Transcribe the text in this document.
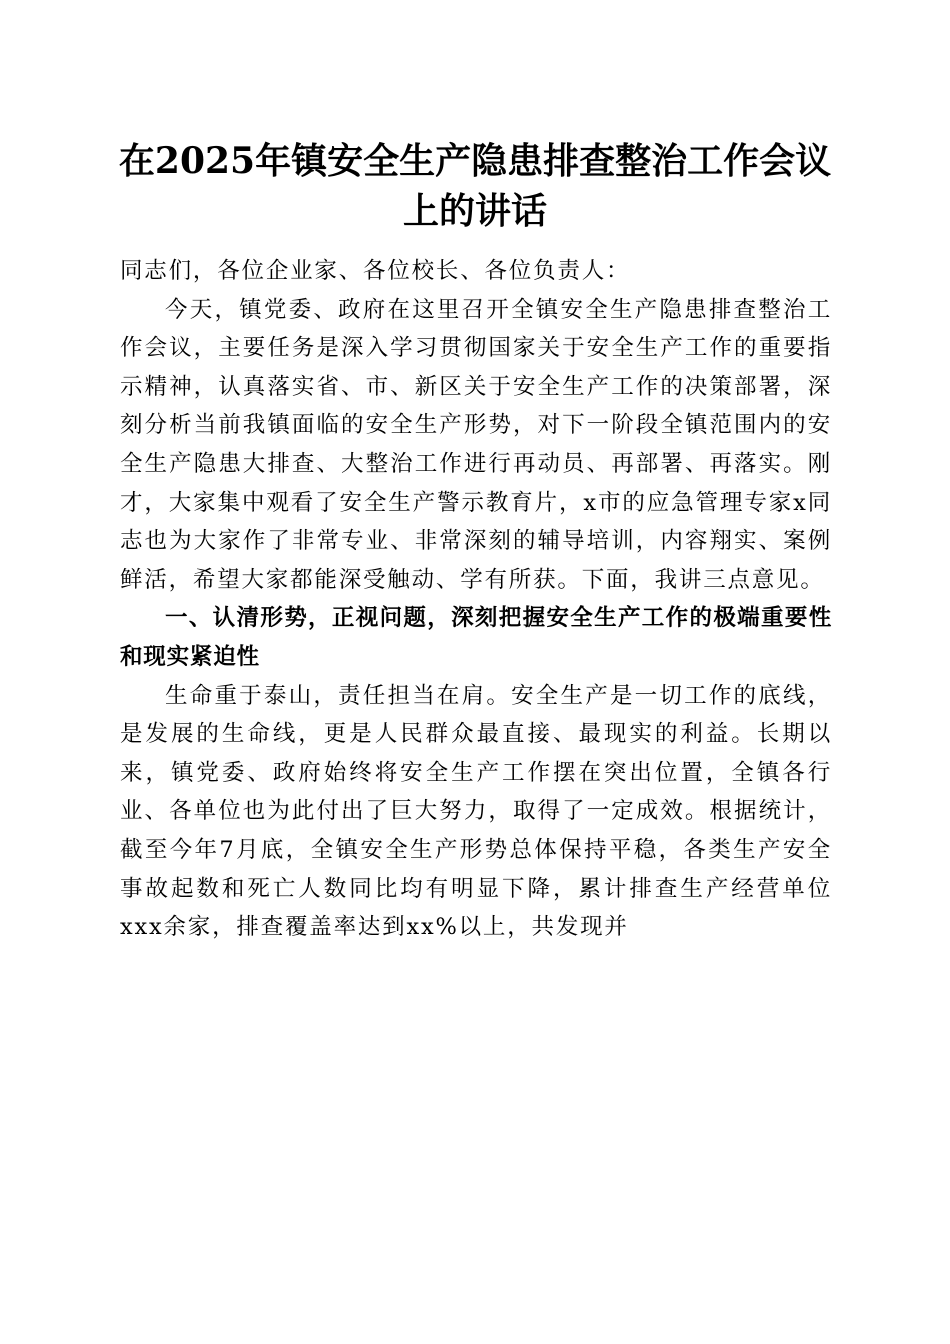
在2025年镇安全生产隐患排查整治工作会议
上的讲话

同志们，各位企业家、各位校长、各位负责人：

今天，镇党委、政府在这里召开全镇安全生产隐患排查整治工作会议，主要任务是深入学习贯彻国家关于安全生产工作的重要指示精神，认真落实省、市、新区关于安全生产工作的决策部署，深刻分析当前我镇面临的安全生产形势，对下一阶段全镇范围内的安全生产隐患大排查、大整治工作进行再动员、再部署、再落实。刚才，大家集中观看了安全生产警示教育片，x市的应急管理专家x同志也为大家作了非常专业、非常深刻的辅导培训，内容翔实、案例鲜活，希望大家都能深受触动、学有所获。下面，我讲三点意见。

一、认清形势，正视问题，深刻把握安全生产工作的极端重要性和现实紧迫性

生命重于泰山，责任担当在肩。安全生产是一切工作的底线，是发展的生命线，更是人民群众最直接、最现实的利益。长期以来，镇党委、政府始终将安全生产工作摆在突出位置，全镇各行业、各单位也为此付出了巨大努力，取得了一定成效。根据统计，截至今年7月底，全镇安全生产形势总体保持平稳，各类生产安全事故起数和死亡人数同比均有明显下降，累计排查生产经营单位xxx余家，排查覆盖率达到xx%以上，共发现并
